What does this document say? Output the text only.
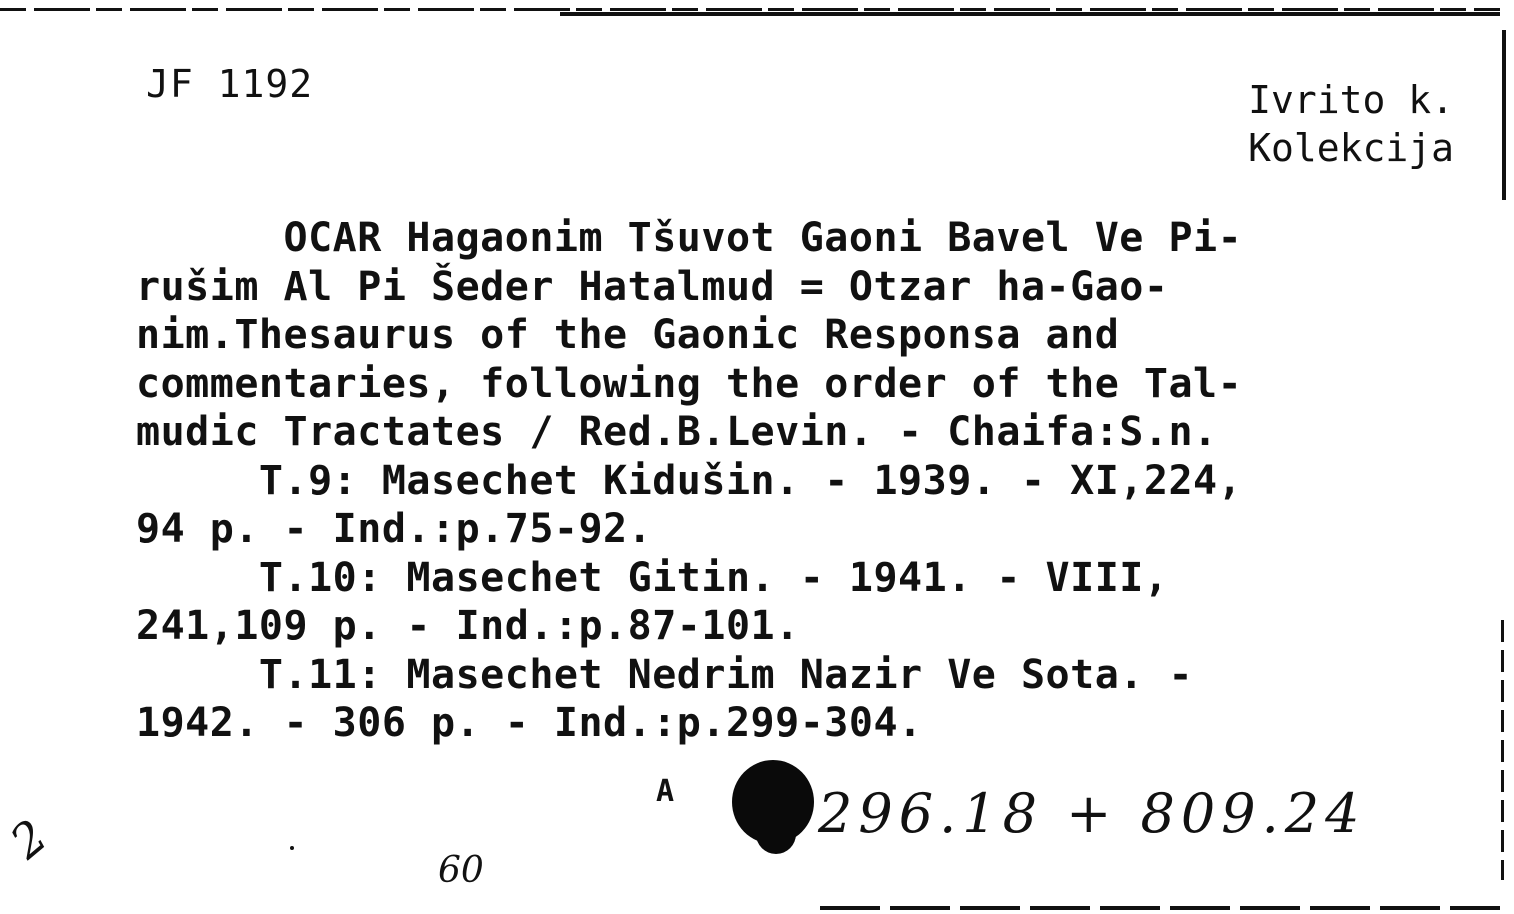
JF 1192	Ivrito k.
Kolekcija
OCAR Hagaonim Tšuvot Gaoni Bavel Ve Pi-
rušim Al Pi Šeder Hatalmud = Otzar ha-Gao-
nim.Thesaurus of the Gaonic Responsa and
commentaries, following the order of the Tal-
mudic Tractates / Red.B.Levin. - Chaifa:S.n.
T.9: Masechet Kidušin. - 1939. - XI,224,
94 p. - Ind.:p.75-92.
T.10: Masechet Gitin. - 1941. - VIII,
241,109 p. - Ind.:p.87-101.
T.11: Masechet Nedrim Nazir Ve Sota. -
1942. - 306 p. - Ind.:p.299-304.
A	296.18 + 809.24
2
60
